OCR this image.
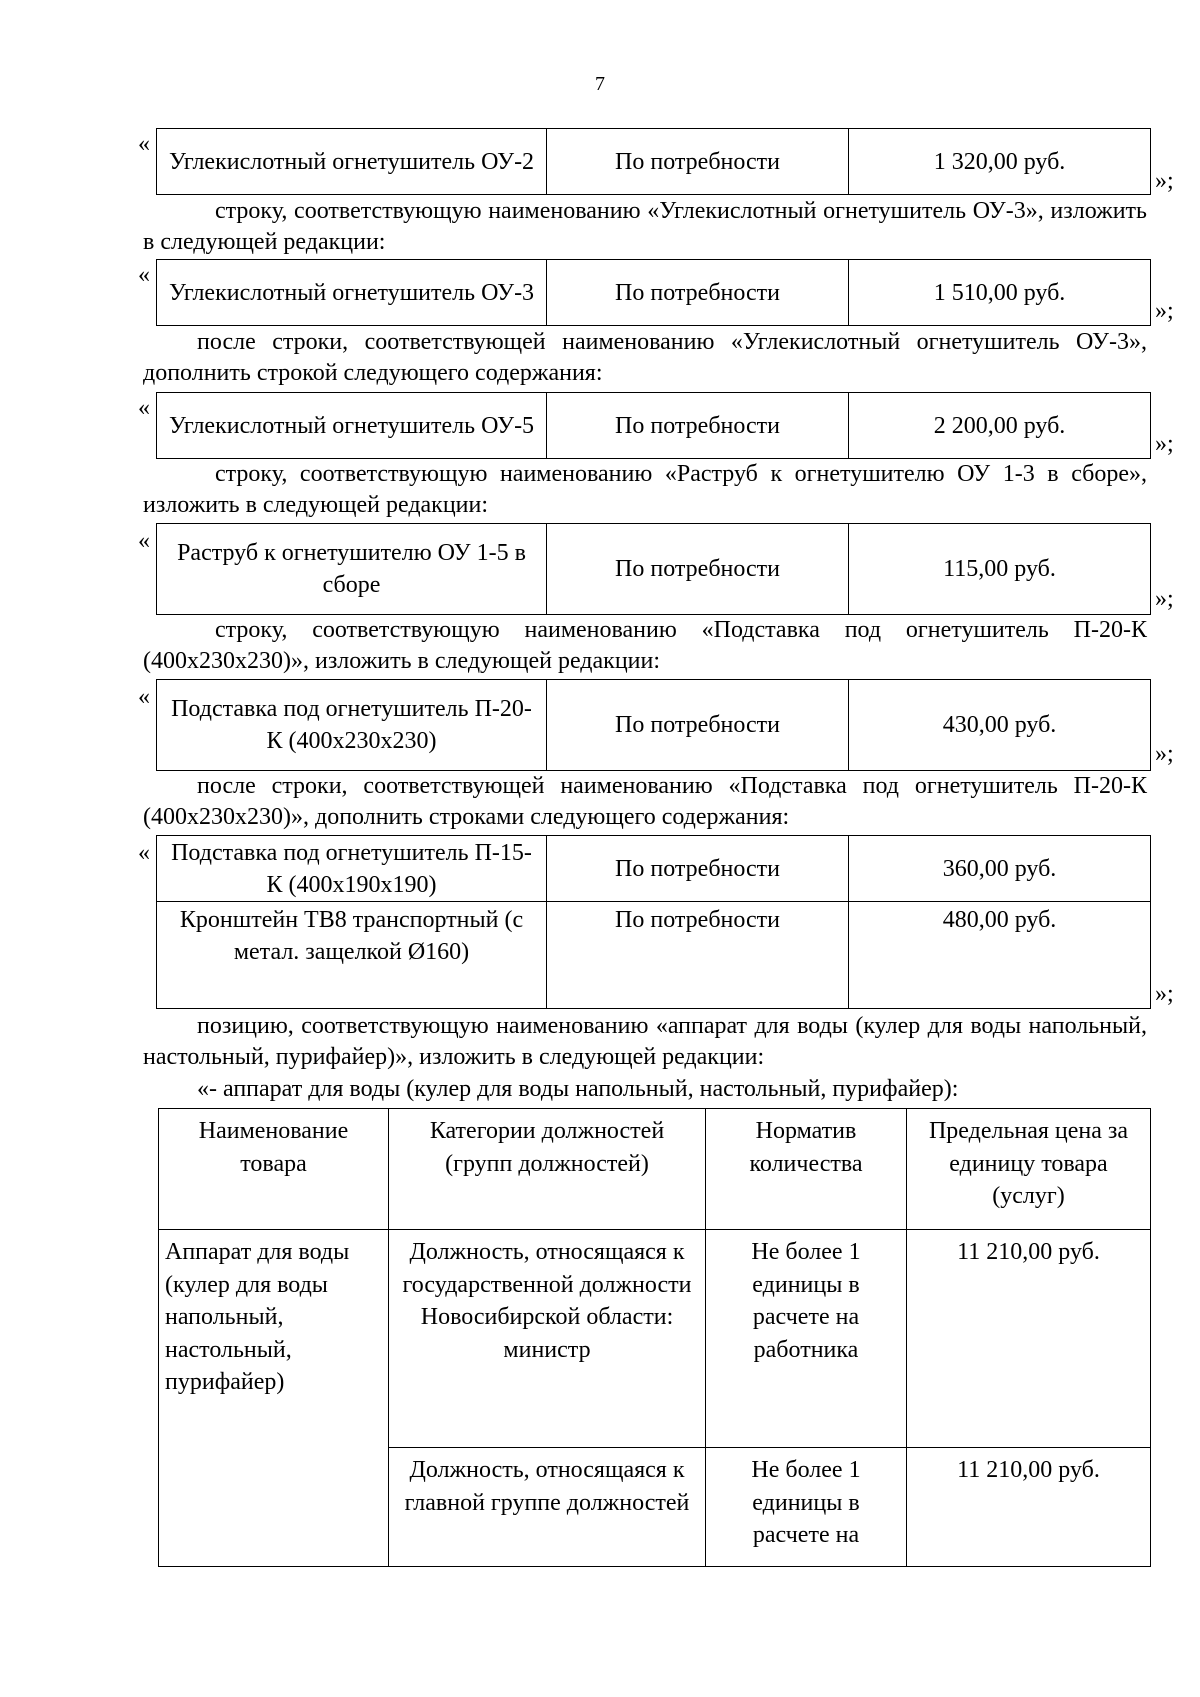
7
«
Углекислотный огнетушитель ОУ-2	По потребности	1 320,00 руб.
»;
строку, соответствующую наименованию «Углекислотный огнетушитель ОУ-3», изложить в следующей редакции:
«
Углекислотный огнетушитель ОУ-3	По потребности	1 510,00 руб.
»;
после строки, соответствующей наименованию «Углекислотный огнетушитель ОУ-3», дополнить строкой следующего содержания:
«
Углекислотный огнетушитель ОУ-5	По потребности	2 200,00 руб.
»;
строку, соответствующую наименованию «Раструб к огнетушителю ОУ 1-3 в сборе», изложить в следующей редакции:
« Раструб к огнетушителю ОУ 1-5 в сборе	По потребности	115,00 руб.
»;
строку, соответствующую наименованию «Подставка под огнетушитель П-20-К (400x230x230)», изложить в следующей редакции:
« Подставка под огнетушитель П-20-К (400x230x230)	По потребности	430,00 руб.
»;
после строки, соответствующей наименованию «Подставка под огнетушитель П-20-К (400x230x230)», дополнить строками следующего содержания:
« Подставка под огнетушитель П-15-К (400x190x190)	По потребности	360,00 руб.
Кронштейн ТВ8 транспортный (с метал. защелкой Ø160)	По потребности	480,00 руб.
»;
позицию, соответствующую наименованию «аппарат для воды (кулер для воды напольный, настольный, пурифайер)», изложить в следующей редакции:
«- аппарат для воды (кулер для воды напольный, настольный, пурифайер):
Наименование товара	Категории должностей (групп должностей)	Норматив количества	Предельная цена за единицу товара (услуг)
Аппарат для воды (кулер для воды напольный, настольный, пурифайер)	Должность, относящаяся к государственной должности Новосибирской области: министр	Не более 1 единицы в расчете на работника	11 210,00 руб.
	Должность, относящаяся к главной группе должностей	Не более 1 единицы в расчете на	11 210,00 руб.
